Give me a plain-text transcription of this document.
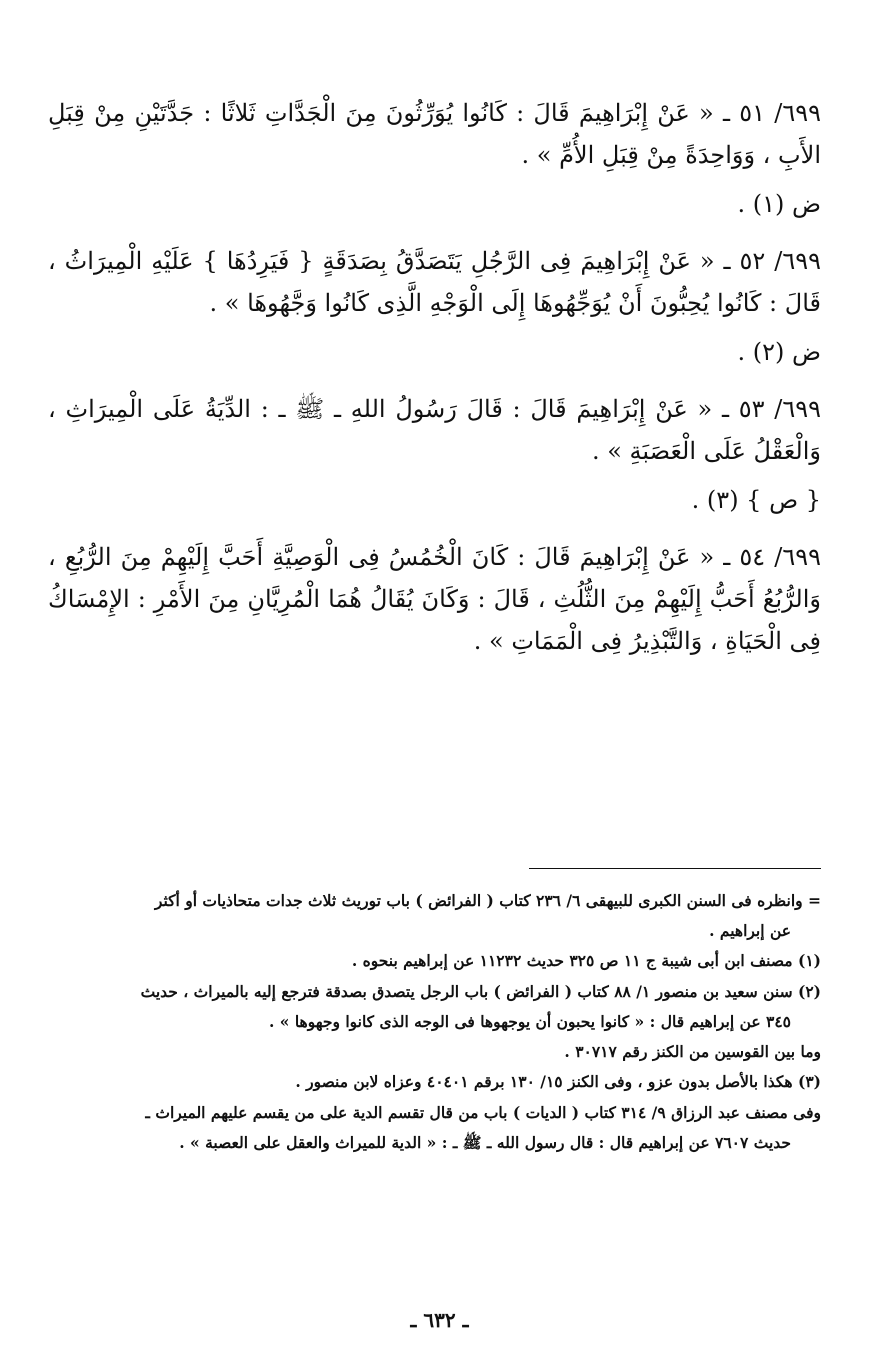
٦٩٩/ ٥١ ـ « عَنْ إِبْرَاهِيمَ قَالَ : كَانُوا يُوَرِّثُونَ مِنَ الْجَدَّاتِ ثَلاثًا : جَدَّتَيْنِ مِنْ قِبَلِ الأَبِ ، وَوَاحِدَةً مِنْ قِبَلِ الأُمِّ » .

ض (١) .

٦٩٩/ ٥٢ ـ « عَنْ إِبْرَاهِيمَ فِى الرَّجُلِ يَتَصَدَّقُ بِصَدَقَةٍ { فَيَرِدُهَا } عَلَيْهِ الْمِيرَاثُ ، قَالَ : كَانُوا يُحِبُّونَ أَنْ يُوَجِّهُوهَا إِلَى الْوَجْهِ الَّذِى كَانُوا وَجَّهُوهَا » .

ض (٢) .

٦٩٩/ ٥٣ ـ « عَنْ إِبْرَاهِيمَ قَالَ : قَالَ رَسُولُ اللهِ ـ ﷺ ـ : الدِّيَةُ عَلَى الْمِيرَاثِ ، وَالْعَقْلُ عَلَى الْعَصَبَةِ » .

{ ص } (٣) .

٦٩٩/ ٥٤ ـ « عَنْ إِبْرَاهِيمَ قَالَ : كَانَ الْخُمُسُ فِى الْوَصِيَّةِ أَحَبَّ إِلَيْهِمْ مِنَ الرُّبُعِ ، وَالرُّبُعُ أَحَبُّ إِلَيْهِمْ مِنَ الثُّلُثِ ، قَالَ : وَكَانَ يُقَالُ هُمَا الْمُرِيَّانِ مِنَ الأَمْرِ : الإِمْسَاكُ فِى الْحَيَاةِ ، وَالتَّبْذِيرُ فِى الْمَمَاتِ » .

= وانظره فى السنن الكبرى للبيهقى ٦/ ٢٣٦ كتاب ( الفرائض ) باب توريث ثلاث جدات متحاذيات أو أكثر
عن إبراهيم .

(١) مصنف ابن أبى شيبة ج ١١ ص ٣٢٥ حديث ١١٢٣٢ عن إبراهيم بنحوه .

(٢) سنن سعيد بن منصور ١/ ٨٨ كتاب ( الفرائض ) باب الرجل يتصدق بصدقة فترجع إليه بالميراث ، حديث
٣٤٥ عن إبراهيم قال : « كانوا يحبون أن يوجهوها فى الوجه الذى كانوا وجهوها » .

وما بين القوسين من الكنز رقم ٣٠٧١٧ .

(٣) هكذا بالأصل بدون عزو ، وفى الكنز ١٥/ ١٣٠ برقم ٤٠٤٠١ وعزاه لابن منصور .

وفى مصنف عبد الرزاق ٩/ ٣١٤ كتاب ( الديات ) باب من قال تقسم الدية على من يقسم عليهم الميراث ـ
حديث ٧٦٠٧ عن إبراهيم قال : قال رسول الله ـ ﷺ ـ : « الدية للميراث والعقل على العصبة » .

ـ ٦٣٢ ـ
